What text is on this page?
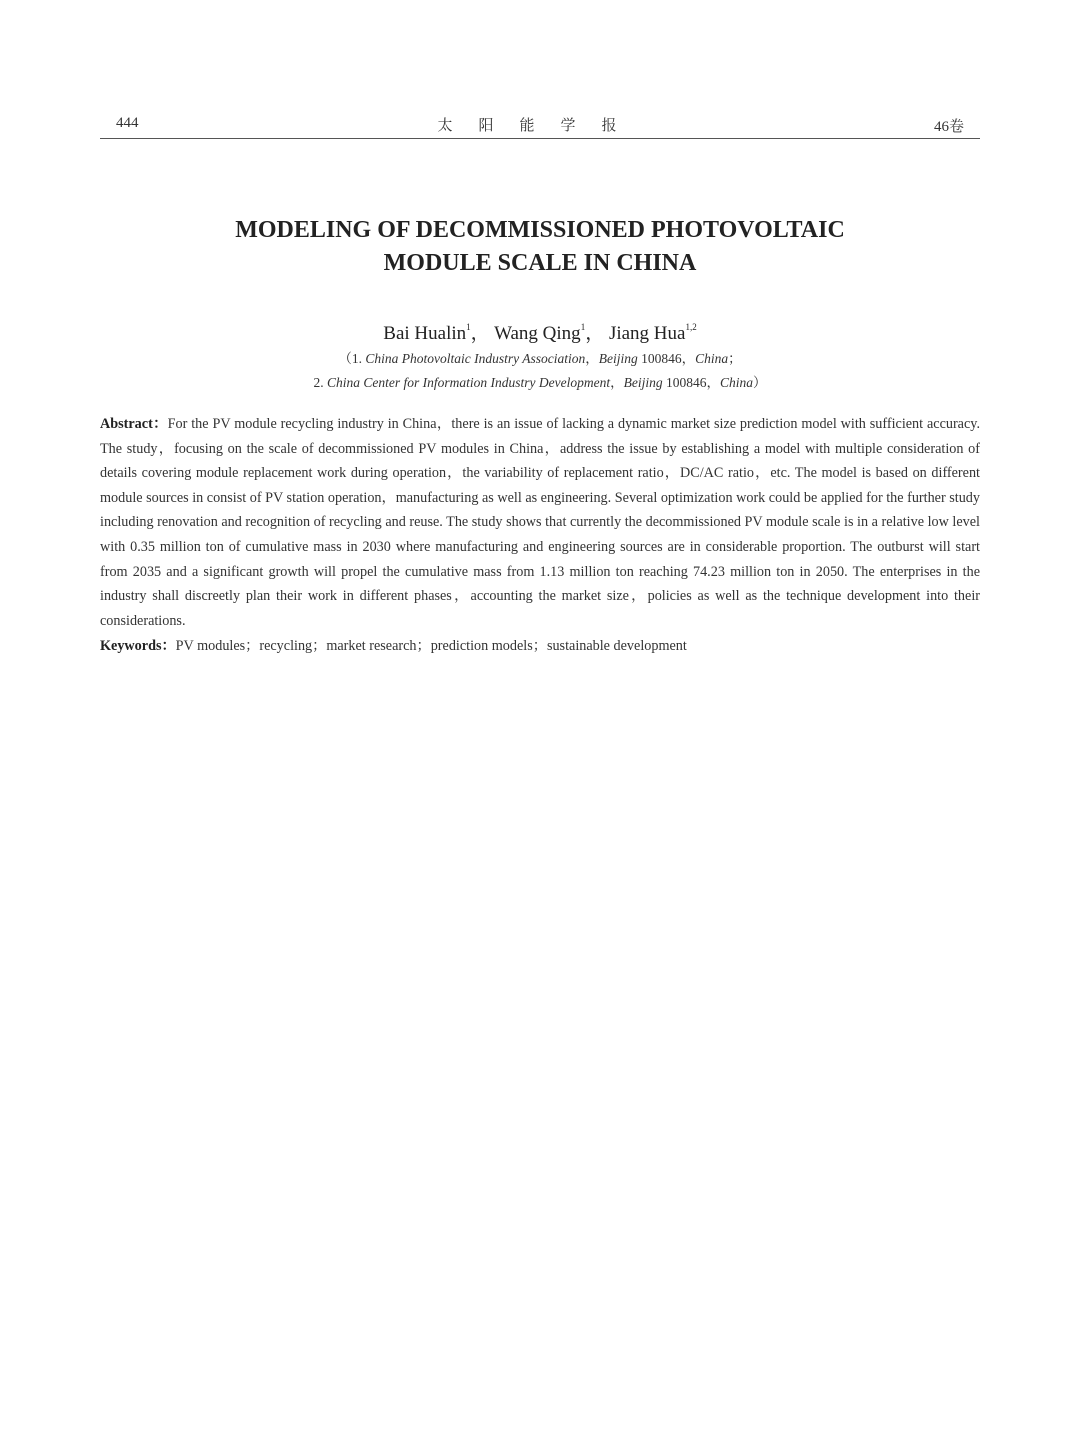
444	太阳能学报	46卷
MODELING OF DECOMMISSIONED PHOTOVOLTAIC
MODULE SCALE IN CHINA
Bai Hualin$^1$， Wang Qing$^1$， Jiang Hua$^{1,2}$
（1. China Photovoltaic Industry Association，Beijing 100846，China；
2. China Center for Information Industry Development，Beijing 100846，China）
Abstract：For the PV module recycling industry in China，there is an issue of lacking a dynamic market size prediction model with sufficient accuracy. The study，focusing on the scale of decommissioned PV modules in China，address the issue by establishing a model with multiple consideration of details covering module replacement work during operation，the variability of replacement ratio，DC/AC ratio，etc. The model is based on different module sources in consist of PV station operation，manufacturing as well as engineering. Several optimization work could be applied for the further study including renovation and recognition of recycling and reuse. The study shows that currently the decommissioned PV module scale is in a relative low level with 0.35 million ton of cumulative mass in 2030 where manufacturing and engineering sources are in considerable proportion. The outburst will start from 2035 and a significant growth will propel the cumulative mass from 1.13 million ton reaching 74.23 million ton in 2050. The enterprises in the industry shall discreetly plan their work in different phases，accounting the market size，policies as well as the technique development into their considerations.
Keywords：PV modules；recycling；market research；prediction models；sustainable development
